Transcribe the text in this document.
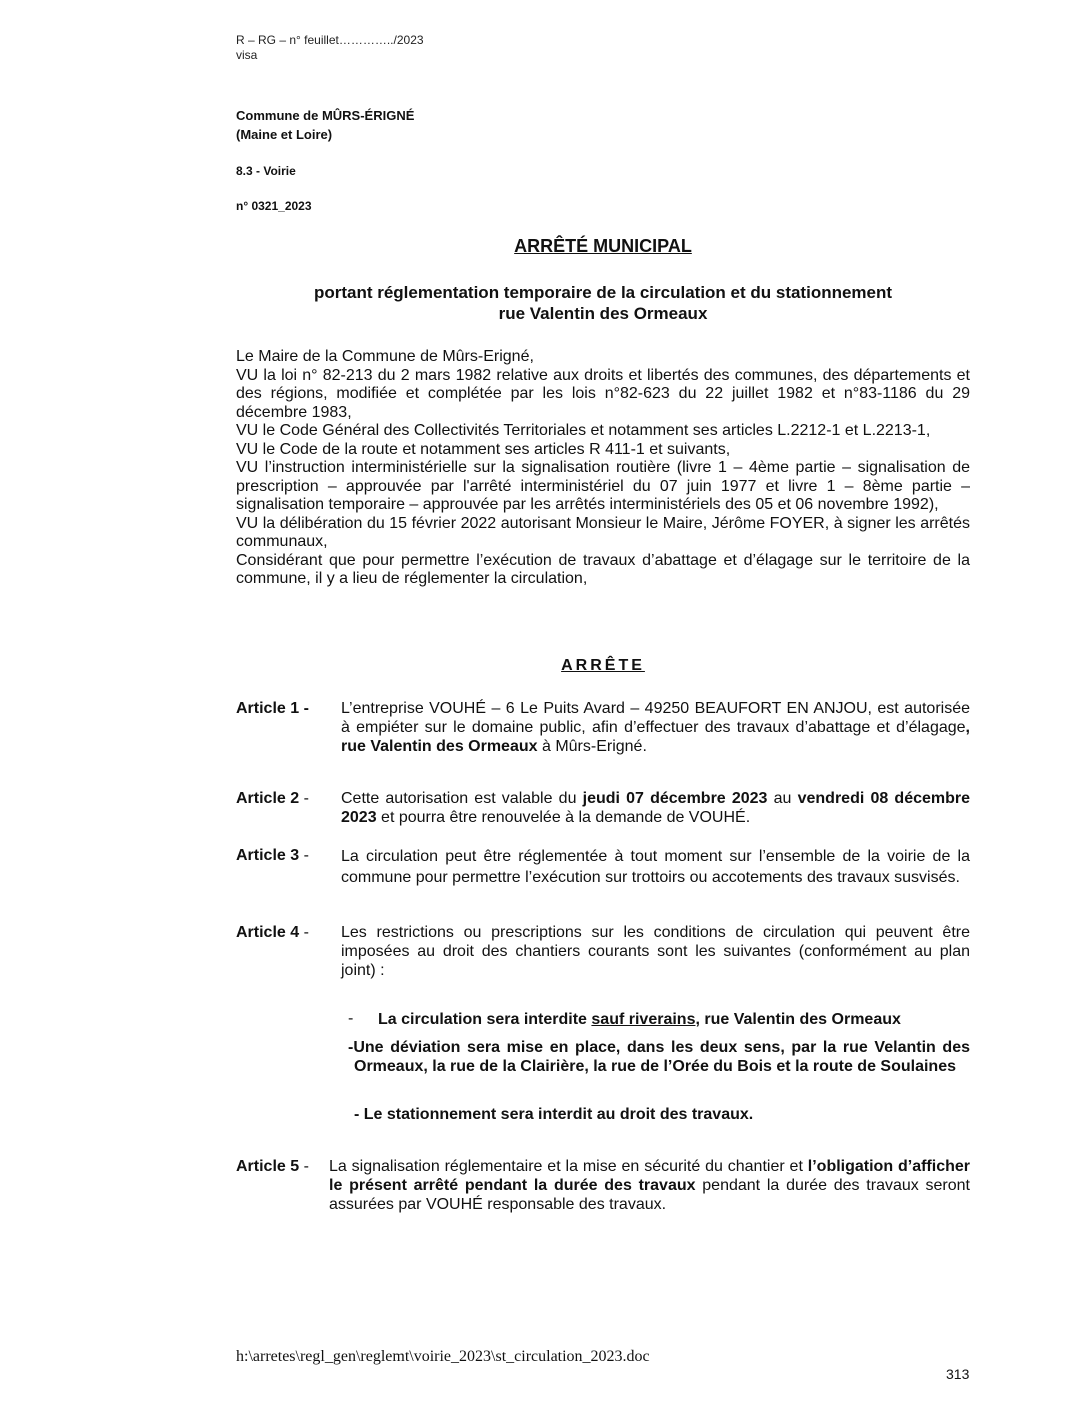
R – RG – n° feuillet…………../2023
visa
Commune de MÛRS-ÉRIGNÉ
(Maine et Loire)
8.3 - Voirie
n° 0321_2023
ARRÊTÉ MUNICIPAL
portant réglementation temporaire de la circulation et du stationnement
rue Valentin des Ormeaux

Le Maire de la Commune de Mûrs-Erigné,

VU la loi n° 82-213 du 2 mars 1982 relative aux droits et libertés des communes, des départements et des régions, modifiée et complétée par les lois n°82-623 du 22 juillet 1982 et n°83-1186 du 29 décembre 1983,

VU le Code Général des Collectivités Territoriales et notamment ses articles L.2212-1 et L.2213-1,

VU le Code de la route et notamment ses articles R 411-1 et suivants,

VU l’instruction interministérielle sur la signalisation routière (livre 1 – 4ème partie – signalisation de prescription – approuvée par l'arrêté interministériel du 07 juin 1977 et livre 1 – 8ème partie – signalisation temporaire – approuvée par les arrêtés interministériels des 05 et 06 novembre 1992),

VU la délibération du 15 février 2022 autorisant Monsieur le Maire, Jérôme FOYER, à signer les arrêtés communaux,

Considérant que pour permettre l’exécution de travaux d’abattage et d’élagage sur le territoire de la commune, il y a lieu de réglementer la circulation,

ARRÊTE
Article 1 - L’entreprise VOUHÉ – 6 Le Puits Avard – 49250 BEAUFORT EN ANJOU, est autorisée à empiéter sur le domaine public, afin d’effectuer des travaux d’abattage et d’élagage, rue Valentin des Ormeaux à Mûrs-Erigné.
Article 2 - Cette autorisation est valable du jeudi 07 décembre 2023 au vendredi 08 décembre 2023 et pourra être renouvelée à la demande de VOUHÉ.
Article 3 - La circulation peut être réglementée à tout moment sur l’ensemble de la voirie de la commune pour permettre l’exécution sur trottoirs ou accotements des travaux susvisés.
Article 4 - Les restrictions ou prescriptions sur les conditions de circulation qui peuvent être imposées au droit des chantiers courants sont les suivantes (conformément au plan joint) :
- La circulation sera interdite sauf riverains, rue Valentin des Ormeaux
-Une déviation sera mise en place, dans les deux sens, par la rue Velantin des Ormeaux, la rue de la Clairière, la rue de l’Orée du Bois et la route de Soulaines
- Le stationnement sera interdit au droit des travaux.
Article 5 - La signalisation réglementaire et la mise en sécurité du chantier et l’obligation d’afficher le présent arrêté pendant la durée des travaux pendant la durée des travaux seront assurées par VOUHÉ responsable des travaux.
h:\arretes\regl_gen\reglemt\voirie_2023\st_circulation_2023.doc
313
